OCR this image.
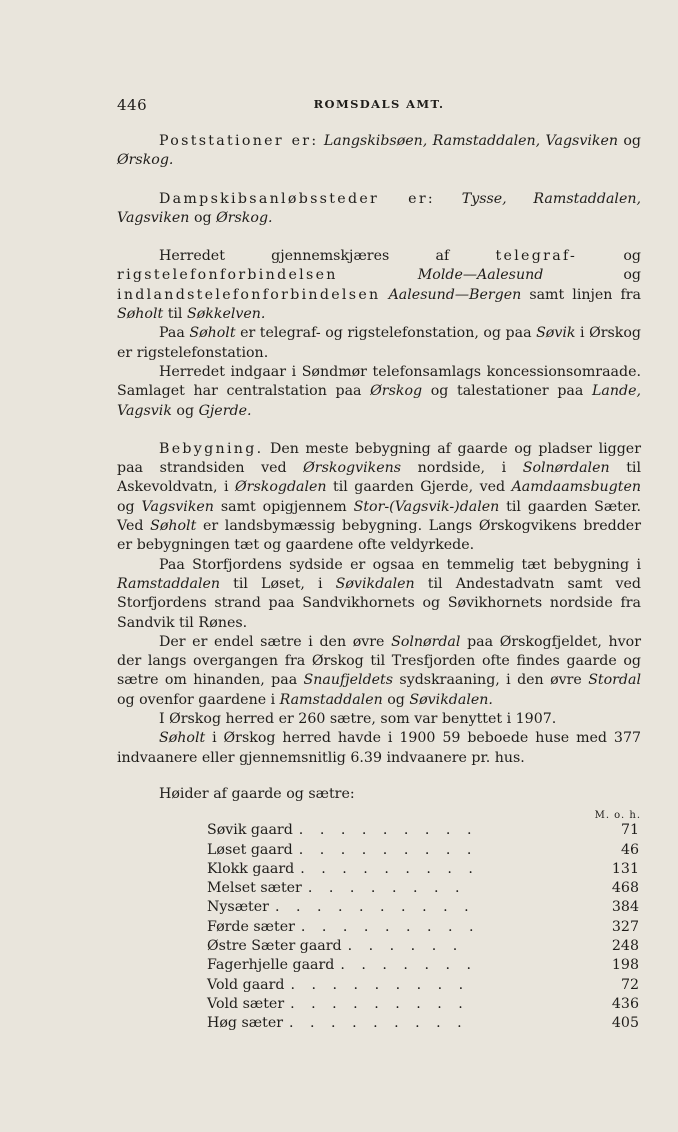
446	ROMSDALS AMT.

Poststationer er: Langskibsøen, Ramstaddalen, Vagsviken og Ørskog.

Dampskibsanløbssteder er: Tysse, Ramstaddalen, Vagsviken og Ørskog.

Herredet gjennemskjæres af telegraf- og rigstelefonforbindelsen	Molde—Aalesund og indlandstelefonforbindelsen Aalesund—Bergen samt linjen fra Søholt til Søkkelven.

Paa Søholt er telegraf- og rigstelefonstation, og paa Søvik i Ørskog er rigstelefonstation.

Herredet indgaar i Søndmør telefonsamlags koncessionsomraade. Samlaget har centralstation paa Ørskog og talestationer paa Lande, Vagsvik og Gjerde.

Bebygning. Den meste bebygning af gaarde og pladser ligger paa strandsiden ved Ørskogvikens nordside, i Solnørdalen til Askevoldvatn, i Ørskogdalen til gaarden Gjerde, ved Aamdaamsbugten og Vagsviken samt opigjennem Stor-(Vagsvik-)dalen til gaarden Sæter. Ved Søholt er landsbymæssig bebygning. Langs Ørskogvikens bredder er bebygningen tæt og gaardene ofte veldyrkede.

Paa Storfjordens sydside er ogsaa en temmelig tæt bebygning i Ramstaddalen til Løset, i Søvikdalen til Andestadvatn samt ved Storfjordens strand paa Sandvikhornets og Søvikhornets nordside fra Sandvik til Rønes.

Der er endel sætre i den øvre Solnørdal paa Ørskogfjeldet, hvor der langs overgangen fra Ørskog til Tresfjorden ofte findes gaarde og sætre om hinanden, paa Snaufjeldets sydskraaning, i den øvre Stordal og ovenfor gaardene i Ramstaddalen og Søvikdalen.

I Ørskog herred er 260 sætre, som var benyttet i 1907.

Søholt i Ørskog herred havde i 1900 59 beboede huse med 377 indvaanere eller gjennemsnitlig 6.39 indvaanere pr. hus.

Høider af gaarde og sætre:
M. o. h.
Søvik gaard . . . . . . . . .	71
Løset gaard . . . . . . . . .	46
Klokk gaard . . . . . . . . .	131
Melset sæter . . . . . . . .	468
Nysæter . . . . . . . . . .	384
Førde sæter . . . . . . . . .	327
Østre Sæter gaard . . . . . .	248
Fagerhjelle gaard . . . . . . .	198
Vold gaard . . . . . . . . .	72
Vold sæter . . . . . . . . .	436
Høg sæter . . . . . . . . .	405
